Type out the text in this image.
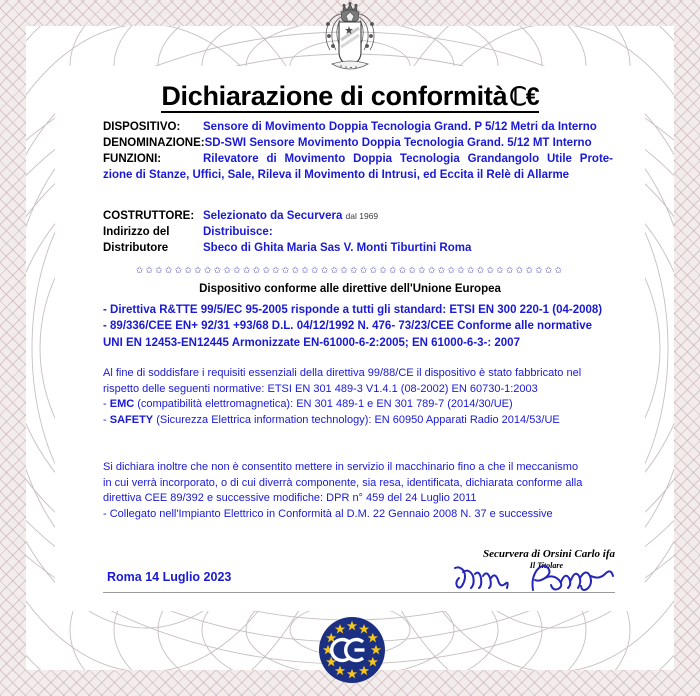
Dichiarazione di conformitàℂ€
DISPOSITIVO:	Sensore di Movimento Doppia Tecnologia Grand. P 5/12 Metri da Interno
DENOMINAZIONE: SD-SWI Sensore Movimento Doppia Tecnologia Grand. 5/12 MT Interno
FUNZIONI:	Rilevatore di Movimento Doppia Tecnologia Grandangolo Utile Prote-
zione di Stanze, Uffici, Sale, Rileva il Movimento di Intrusi, ed Eccita il Relè di Allarme
COSTRUTTORE: Selezionato da Securvera dal 1969
Indirizzo del	Distribuisce:
Distributore	Sbeco di Ghita Maria Sas V. Monti Tiburtini Roma
✩✩✩✩✩✩✩✩✩✩✩✩✩✩✩✩✩✩✩✩✩✩✩✩✩✩✩✩✩✩✩✩✩✩✩✩✩✩✩✩✩✩✩✩
Dispositivo conforme alle direttive dell'Unione Europea
- Direttiva R&TTE 99/5/EC 95-2005 risponde a tutti gli standard: ETSI EN 300 220-1 (04-2008)
- 89/336/CEE EN+ 92/31 +93/68 D.L. 04/12/1992 N. 476- 73/23/CEE Conforme alle normative
UNI EN 12453-EN12445 Armonizzate EN-61000-6-2:2005; EN 61000-6-3-: 2007
Al fine di soddisfare i requisiti essenziali della direttiva 99/88/CE il dispositivo è stato fabbricato nel
rispetto delle seguenti normative: ETSI EN 301 489-3 V1.4.1 (08-2002) EN 60730-1:2003
- EMC (compatibilità elettromagnetica): EN 301 489-1 e EN 301 789-7 (2014/30/UE)
- SAFETY (Sicurezza Elettrica information technology): EN 60950 Apparati Radio 2014/53/UE
Si dichiara inoltre che non è consentito mettere in servizio il macchinario fino a che il meccanismo
in cui verrà incorporato, o di cui diverrà componente, sia resa, identificata, dichiarata conforme alla
direttiva CEE 89/392 e successive modifiche: DPR n° 459 del 24 Luglio 2011
- Collegato nell'Impianto Elettrico in Conformità al D.M. 22 Gennaio 2008 N. 37 e successive
Securvera di Orsini Carlo ifa
Il Titolare
Roma 14 Luglio 2023
